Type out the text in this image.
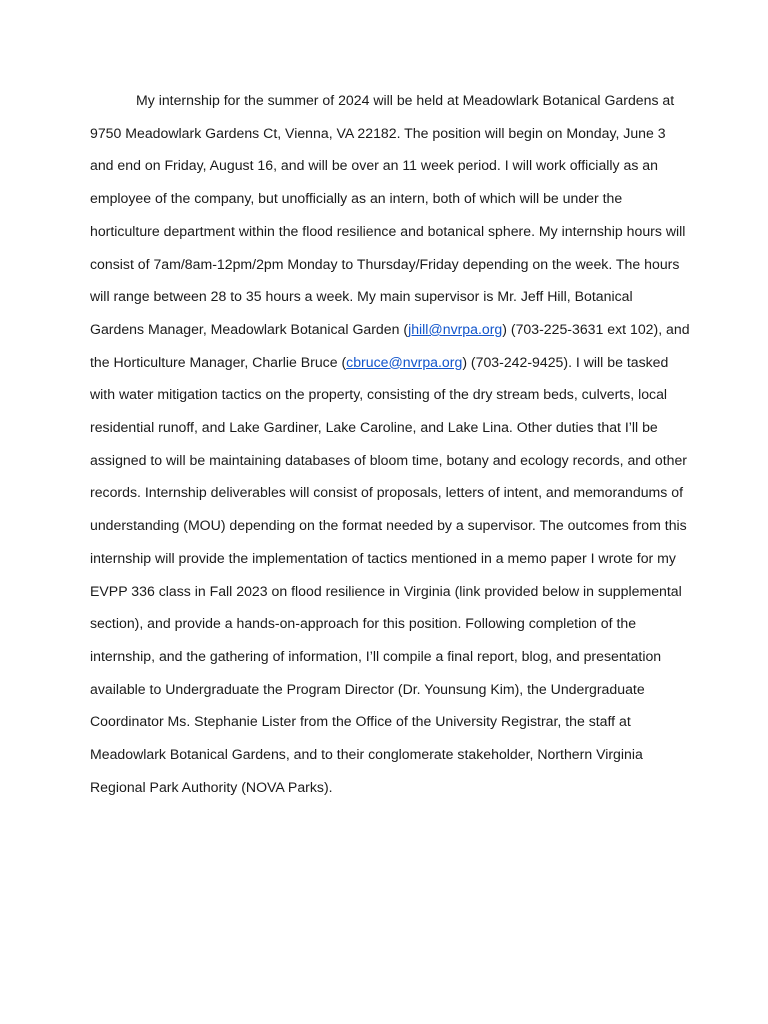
My internship for the summer of 2024 will be held at Meadowlark Botanical Gardens at
9750 Meadowlark Gardens Ct, Vienna, VA 22182. The position will begin on Monday, June 3
and end on Friday, August 16, and will be over an 11 week period. I will work officially as an
employee of the company, but unofficially as an intern, both of which will be under the
horticulture department within the flood resilience and botanical sphere. My internship hours will
consist of 7am/8am-12pm/2pm Monday to Thursday/Friday depending on the week. The hours
will range between 28 to 35 hours a week. My main supervisor is Mr. Jeff Hill, Botanical
Gardens Manager, Meadowlark Botanical Garden (jhill@nvrpa.org) (703-225-3631 ext 102), and
the Horticulture Manager, Charlie Bruce (cbruce@nvrpa.org) (703-242-9425). I will be tasked
with water mitigation tactics on the property, consisting of the dry stream beds, culverts, local
residential runoff, and Lake Gardiner, Lake Caroline, and Lake Lina. Other duties that I’ll be
assigned to will be maintaining databases of bloom time, botany and ecology records, and other
records. Internship deliverables will consist of proposals, letters of intent, and memorandums of
understanding (MOU) depending on the format needed by a supervisor. The outcomes from this
internship will provide the implementation of tactics mentioned in a memo paper I wrote for my
EVPP 336 class in Fall 2023 on flood resilience in Virginia (link provided below in supplemental
section), and provide a hands-on-approach for this position. Following completion of the
internship, and the gathering of information, I’ll compile a final report, blog, and presentation
available to Undergraduate the Program Director (Dr. Younsung Kim), the Undergraduate
Coordinator Ms. Stephanie Lister from the Office of the University Registrar, the staff at
Meadowlark Botanical Gardens, and to their conglomerate stakeholder, Northern Virginia
Regional Park Authority (NOVA Parks).
